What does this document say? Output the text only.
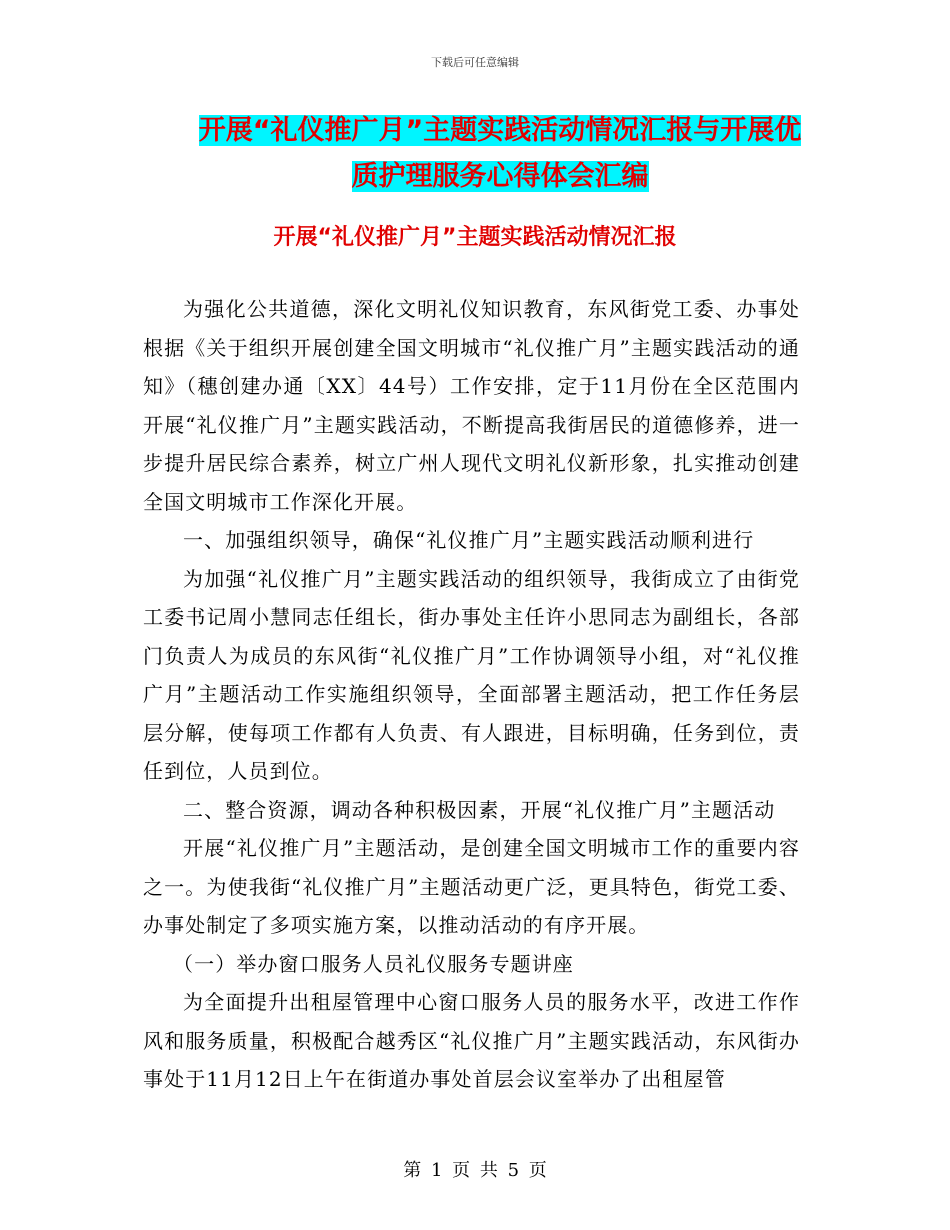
下载后可任意编辑
开展“礼仪推广月”主题实践活动情况汇报与开展优
质护理服务心得体会汇编
开展“礼仪推广月”主题实践活动情况汇报

为强化公共道德，深化文明礼仪知识教育，东风街党工委、办事处根据《关于组织开展创建全国文明城市“礼仪推广月”主题实践活动的通知》（穗创建办通〔XX〕44号）工作安排，定于11月份在全区范围内开展“礼仪推广月”主题实践活动，不断提高我街居民的道德修养，进一步提升居民综合素养，树立广州人现代文明礼仪新形象，扎实推动创建全国文明城市工作深化开展。

一、加强组织领导，确保“礼仪推广月”主题实践活动顺利进行

为加强“礼仪推广月”主题实践活动的组织领导，我街成立了由街党工委书记周小慧同志任组长，街办事处主任许小思同志为副组长，各部门负责人为成员的东风街“礼仪推广月”工作协调领导小组，对“礼仪推广月”主题活动工作实施组织领导，全面部署主题活动，把工作任务层层分解，使每项工作都有人负责、有人跟进，目标明确，任务到位，责任到位，人员到位。

二、整合资源，调动各种积极因素，开展“礼仪推广月”主题活动

开展“礼仪推广月”主题活动，是创建全国文明城市工作的重要内容之一。为使我街“礼仪推广月”主题活动更广泛，更具特色，街党工委、办事处制定了多项实施方案，以推动活动的有序开展。

（一）举办窗口服务人员礼仪服务专题讲座

为全面提升出租屋管理中心窗口服务人员的服务水平，改进工作作风和服务质量，积极配合越秀区“礼仪推广月”主题实践活动，东风街办事处于11月12日上午在街道办事处首层会议室举办了出租屋管

第 1 页 共 5 页
